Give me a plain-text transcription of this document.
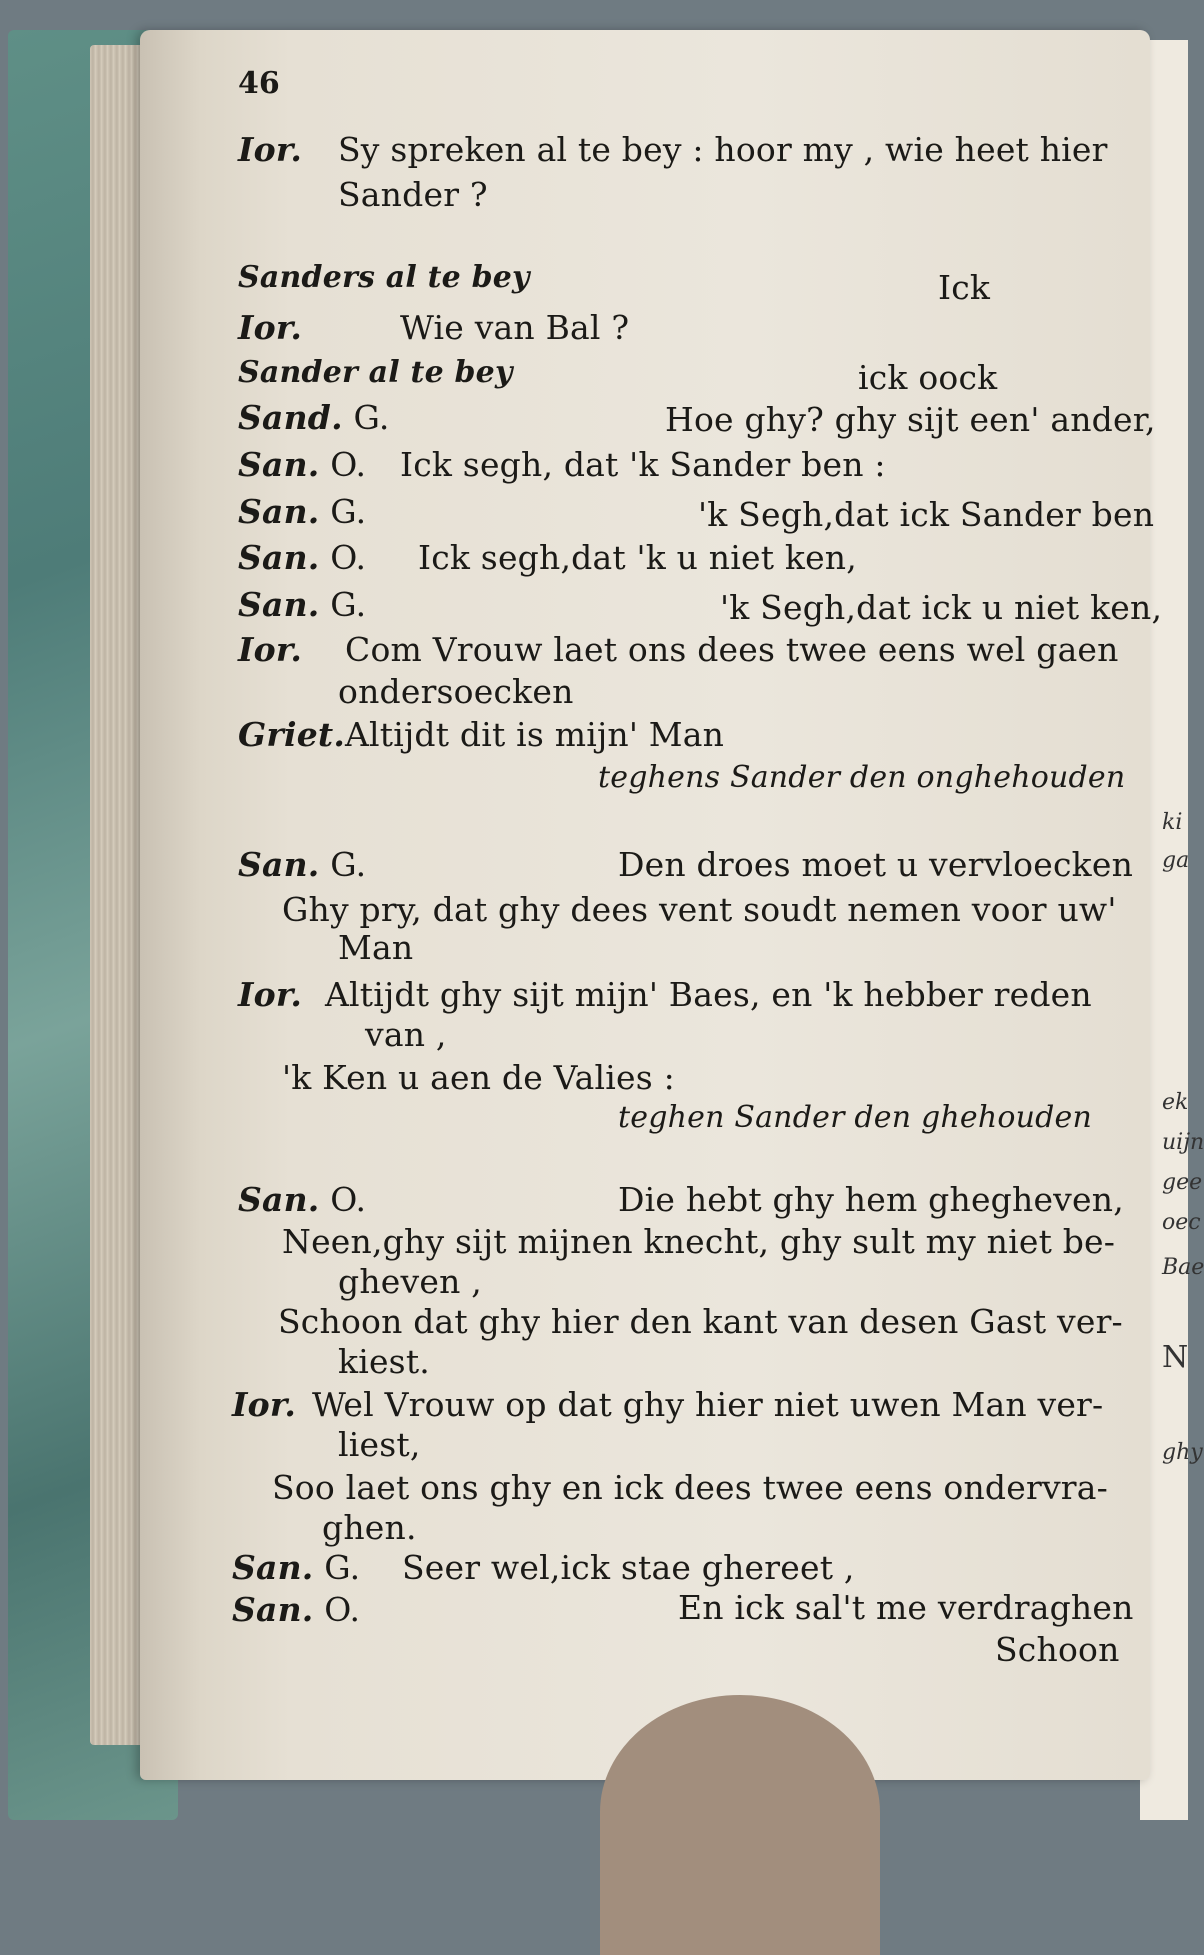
ki
ga
ek
uijn
gee
oec
Bae
N
ghy
46
Ior. Sy spreken al te bey : hoor my , wie heet hier
Sander ?
Sanders al te bey	Ick
Ior.	Wie van Bal ?
Sander al te bey	ick oock
Sand. G.	Hoe ghy? ghy sijt een' ander,
San. O. Ick segh, dat 'k Sander ben :
San. G.	'k Segh,dat ick Sander ben
San. O. Ick segh,dat 'k u niet ken,
San. G.	'k Segh,dat ick u niet ken,
Ior. Com Vrouw laet ons dees twee eens wel gaen
ondersoecken
Griet. Altijdt dit is mijn' Man
teghens Sander den onghehouden
San. G.	Den droes moet u vervloecken
Ghy pry, dat ghy dees vent soudt nemen voor uw'
Man
Ior. Altijdt ghy sijt mijn' Baes, en 'k hebber reden
van ,
'k Ken u aen de Valies :
teghen Sander den ghehouden
San. O.	Die hebt ghy hem ghegheven,
Neen,ghy sijt mijnen knecht, ghy sult my niet be-
gheven ,
Schoon dat ghy hier den kant van desen Gast ver-
kiest.
Ior. Wel Vrouw op dat ghy hier niet uwen Man ver-
liest,
Soo laet ons ghy en ick dees twee eens ondervra-
ghen.
San. G. Seer wel,ick stae ghereet ,
San. O.	En ick sal't me verdraghen
Schoon
